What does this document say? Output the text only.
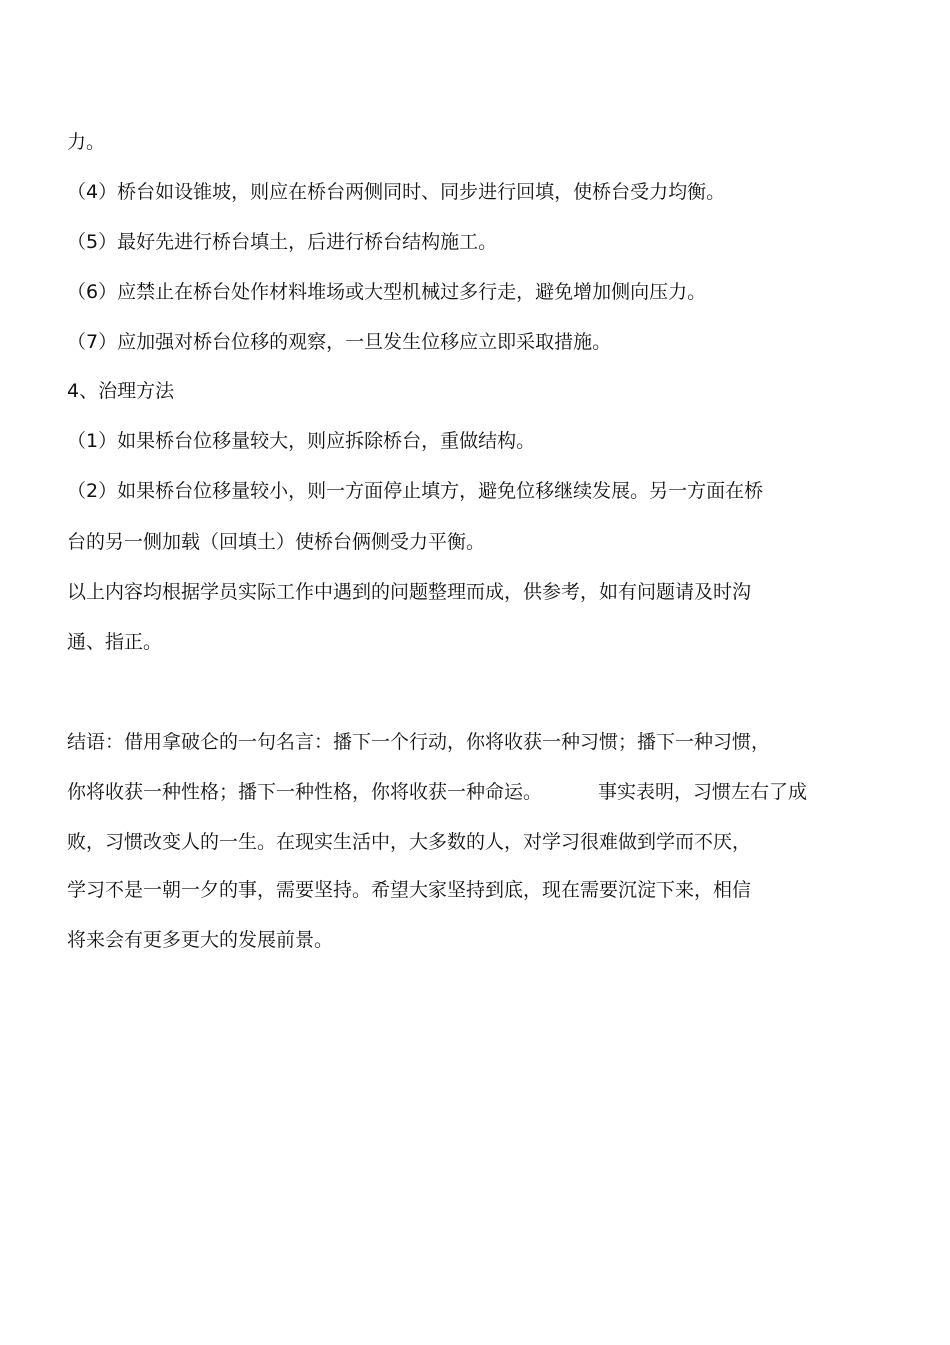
力。
（4）桥台如设锥坡，则应在桥台两侧同时、同步进行回填，使桥台受力均衡。
（5）最好先进行桥台填土，后进行桥台结构施工。
（6）应禁止在桥台处作材料堆场或大型机械过多行走，避免增加侧向压力。
（7）应加强对桥台位移的观察，一旦发生位移应立即采取措施。
4、治理方法
（1）如果桥台位移量较大，则应拆除桥台，重做结构。
（2）如果桥台位移量较小，则一方面停止填方，避免位移继续发展。另一方面在桥
台的另一侧加载（回填土）使桥台俩侧受力平衡。
以上内容均根据学员实际工作中遇到的问题整理而成，供参考，如有问题请及时沟
通、指正。
结语：借用拿破仑的一句名言：播下一个行动，你将收获一种习惯；播下一种习惯，
你将收获一种性格；播下一种性格，你将收获一种命运。	事实表明，习惯左右了成
败，习惯改变人的一生。在现实生活中，大多数的人，对学习很难做到学而不厌，
学习不是一朝一夕的事，需要坚持。希望大家坚持到底，现在需要沉淀下来，相信
将来会有更多更大的发展前景。
